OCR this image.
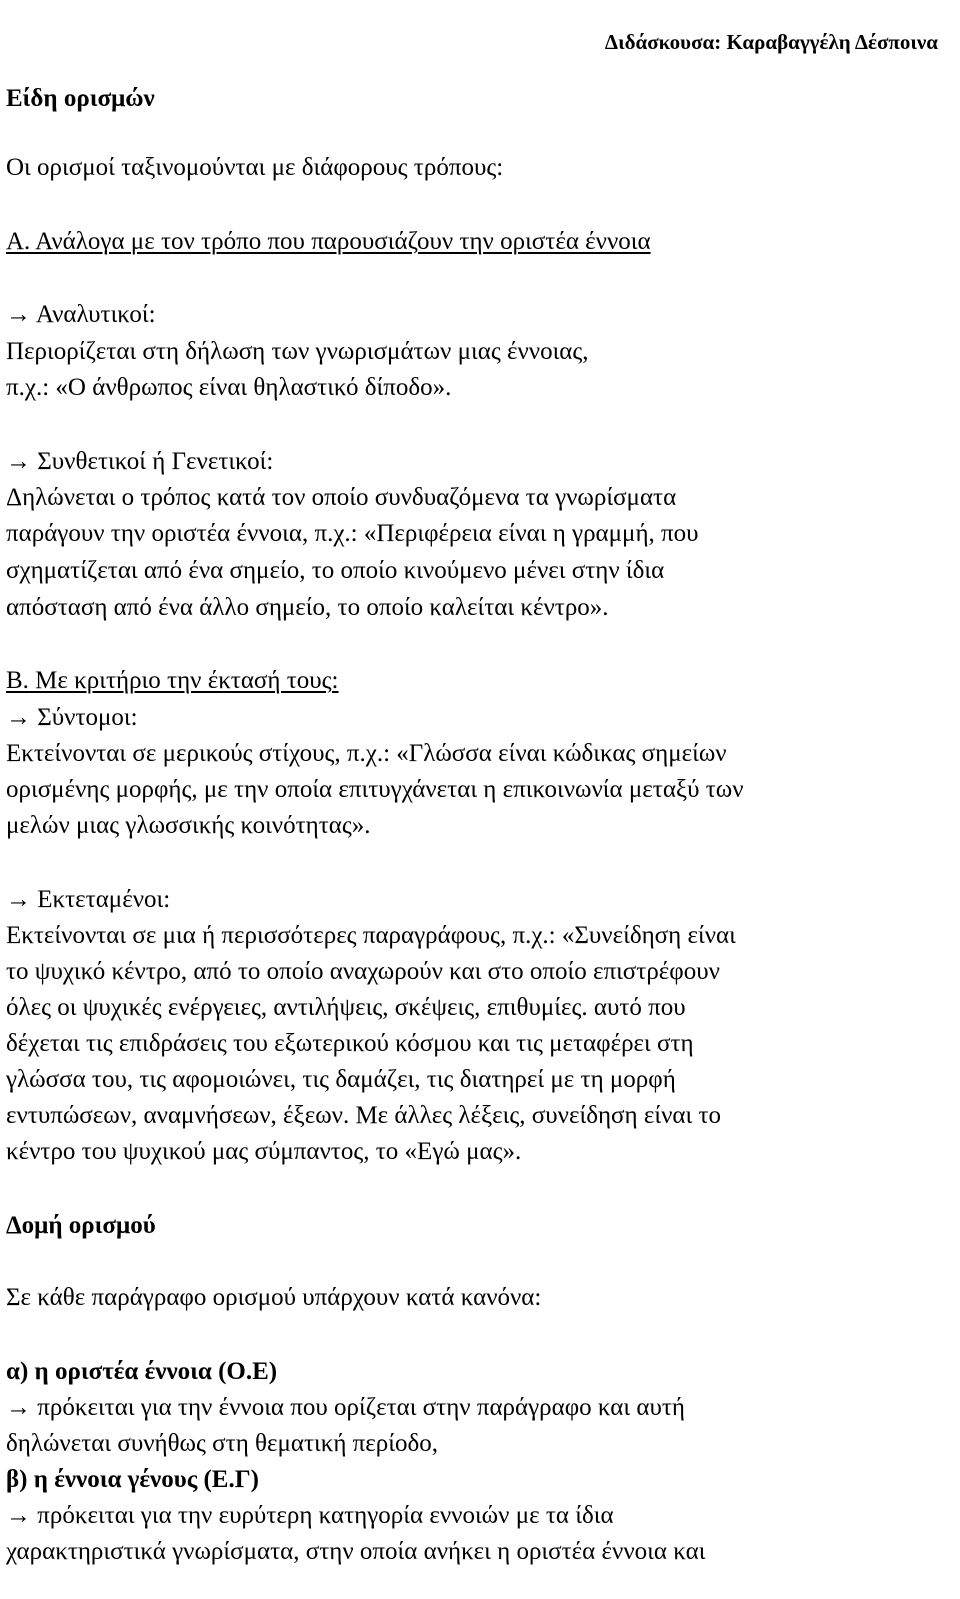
Διδάσκουσα: Καραβαγγέλη Δέσποινα
Είδη ορισμών
Οι ορισμοί ταξινομούνται με διάφορους τρόπους:
Α. Ανάλογα με τον τρόπο που παρουσιάζουν την οριστέα έννοια
→ Αναλυτικοί:
Περιορίζεται στη δήλωση των γνωρισμάτων μιας έννοιας,
π.χ.: «Ο άνθρωπος είναι θηλαστικό δίποδο».
→ Συνθετικοί ή Γενετικοί:
Δηλώνεται ο τρόπος κατά τον οποίο συνδυαζόμενα τα γνωρίσματα
παράγουν την οριστέα έννοια, π.χ.: «Περιφέρεια είναι η γραμμή, που
σχηματίζεται από ένα σημείο, το οποίο κινούμενο μένει στην ίδια
απόσταση από ένα άλλο σημείο, το οποίο καλείται κέντρο».
Β. Με κριτήριο την έκτασή τους:
→ Σύντομοι:
Εκτείνονται σε μερικούς στίχους, π.χ.: «Γλώσσα είναι κώδικας σημείων
ορισμένης μορφής, με την οποία επιτυγχάνεται η επικοινωνία μεταξύ των
μελών μιας γλωσσικής κοινότητας».
→ Εκτεταμένοι:
Εκτείνονται σε μια ή περισσότερες παραγράφους, π.χ.: «Συνείδηση είναι
το ψυχικό κέντρο, από το οποίο αναχωρούν και στο οποίο επιστρέφουν
όλες οι ψυχικές ενέργειες, αντιλήψεις, σκέψεις, επιθυμίες. αυτό που
δέχεται τις επιδράσεις του εξωτερικού κόσμου και τις μεταφέρει στη
γλώσσα του, τις αφομοιώνει, τις δαμάζει, τις διατηρεί με τη μορφή
εντυπώσεων, αναμνήσεων, έξεων. Με άλλες λέξεις, συνείδηση είναι το
κέντρο του ψυχικού μας σύμπαντος, το «Εγώ μας».
Δομή ορισμού
Σε κάθε παράγραφο ορισμού υπάρχουν κατά κανόνα:
α) η οριστέα έννοια (Ο.Ε)
→ πρόκειται για την έννοια που ορίζεται στην παράγραφο και αυτή
δηλώνεται συνήθως στη θεματική περίοδο,
β) η έννοια γένους (Ε.Γ)
→ πρόκειται για την ευρύτερη κατηγορία εννοιών με τα ίδια
χαρακτηριστικά γνωρίσματα, στην οποία ανήκει η οριστέα έννοια και
